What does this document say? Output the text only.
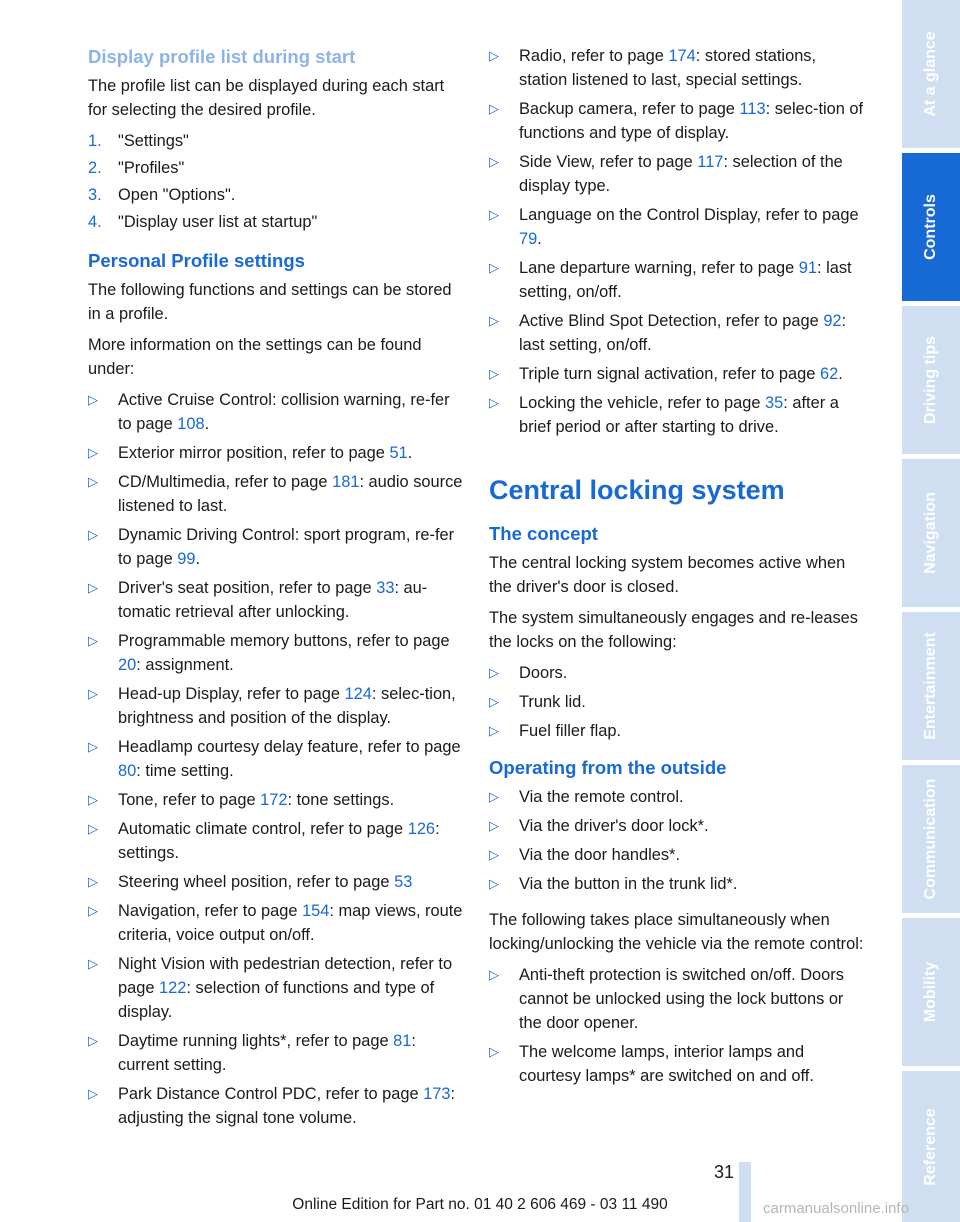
Display profile list during start

The profile list can be displayed during each start for selecting the desired profile.

1. "Settings"
2. "Profiles"
3. Open "Options".
4. "Display user list at startup"
Personal Profile settings

The following functions and settings can be stored in a profile.

More information on the settings can be found under:

▷ Active Cruise Control: collision warning, re-fer to page 108.
▷ Exterior mirror position, refer to page 51.
▷ CD/Multimedia, refer to page 181: audio source listened to last.
▷ Dynamic Driving Control: sport program, re-fer to page 99.
▷ Driver's seat position, refer to page 33: au-tomatic retrieval after unlocking.
▷ Programmable memory buttons, refer to page 20: assignment.
▷ Head-up Display, refer to page 124: selec-tion, brightness and position of the display.
▷ Headlamp courtesy delay feature, refer to page 80: time setting.
▷ Tone, refer to page 172: tone settings.
▷ Automatic climate control, refer to page 126: settings.
▷ Steering wheel position, refer to page 53
▷ Navigation, refer to page 154: map views, route criteria, voice output on/off.
▷ Night Vision with pedestrian detection, refer to page 122: selection of functions and type of display.
▷ Daytime running lights*, refer to page 81: current setting.
▷ Park Distance Control PDC, refer to page 173: adjusting the signal tone volume.
▷ Radio, refer to page 174: stored stations, station listened to last, special settings.
▷ Backup camera, refer to page 113: selec-tion of functions and type of display.
▷ Side View, refer to page 117: selection of the display type.
▷ Language on the Control Display, refer to page 79.
▷ Lane departure warning, refer to page 91: last setting, on/off.
▷ Active Blind Spot Detection, refer to page 92: last setting, on/off.
▷ Triple turn signal activation, refer to page 62.
▷ Locking the vehicle, refer to page 35: after a brief period or after starting to drive.
Central locking system
The concept

The central locking system becomes active when the driver's door is closed.

The system simultaneously engages and re-leases the locks on the following:

▷ Doors.
▷ Trunk lid.
▷ Fuel filler flap.
Operating from the outside
▷ Via the remote control.
▷ Via the driver's door lock*.
▷ Via the door handles*.
▷ Via the button in the trunk lid*.

The following takes place simultaneously when locking/unlocking the vehicle via the remote control:

▷ Anti-theft protection is switched on/off. Doors cannot be unlocked using the lock buttons or the door opener.
▷ The welcome lamps, interior lamps and courtesy lamps* are switched on and off.
At a glance
Controls
Driving tips
Navigation
Entertainment
Communication
Mobility
Reference
31
Online Edition for Part no. 01 40 2 606 469 - 03 11 490	carmanualsonline.info
